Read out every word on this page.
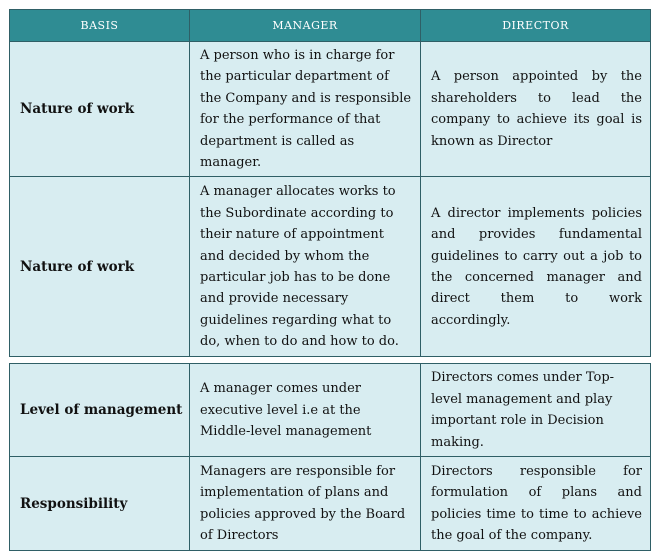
BASIS	MANAGER	DIRECTOR
Nature of work	A person who is in charge for the particular department of the Company and is responsible for the performance of that department is called as manager.	A person appointed by the shareholders to lead the company to achieve its goal is known as Director
Nature of work	A manager allocates works to the Subordinate according to their nature of appointment and decided by whom the particular job has to be done and provide necessary guidelines regarding what to do, when to do and how to do.	A director implements policies and provides fundamental guidelines to carry out a job to the concerned manager and direct them to work accordingly.

Level of management	A manager comes under executive level i.e at the Middle-level management	Directors comes under Top-level management and play important role in Decision making.
Responsibility	Managers are responsible for implementation of plans and policies approved by the Board of Directors	Directors responsible for formulation of plans and policies time to time to achieve the goal of the company.
